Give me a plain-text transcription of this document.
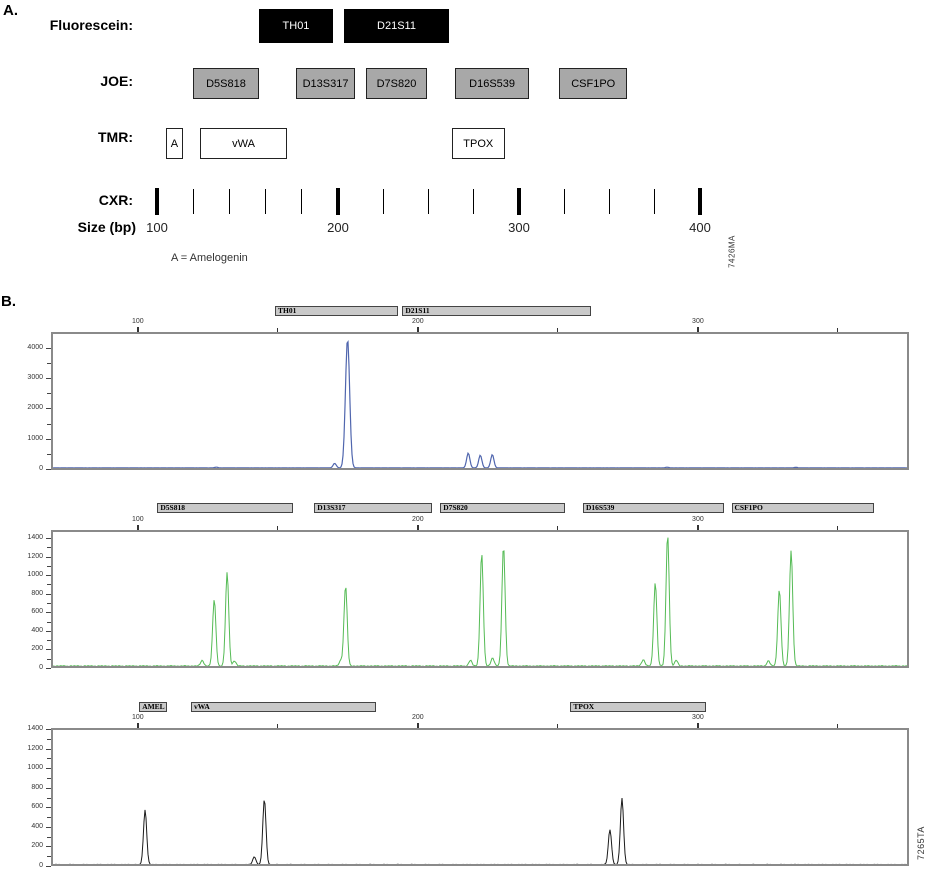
A.
Fluorescein:	TH01	D21S11
JOE:	D5S818	D13S317	D7S820	D16S539	CSF1PO
TMR:	A	vWA	TPOX
CXR:
Size (bp) 100	200	300	400
A = Amelogenin	7426MA
B.
TH01	D21S11
100	200	300
0
1000
2000
3000
4000
D5S818	D13S317	D7S820	D16S539	CSF1PO
100	200	300
0
200
400
600
800
1000
1200
1400
AMEL	vWA	TPOX
100	200	300
0
200
400
600
800
1000
1200
1400
7265TA
